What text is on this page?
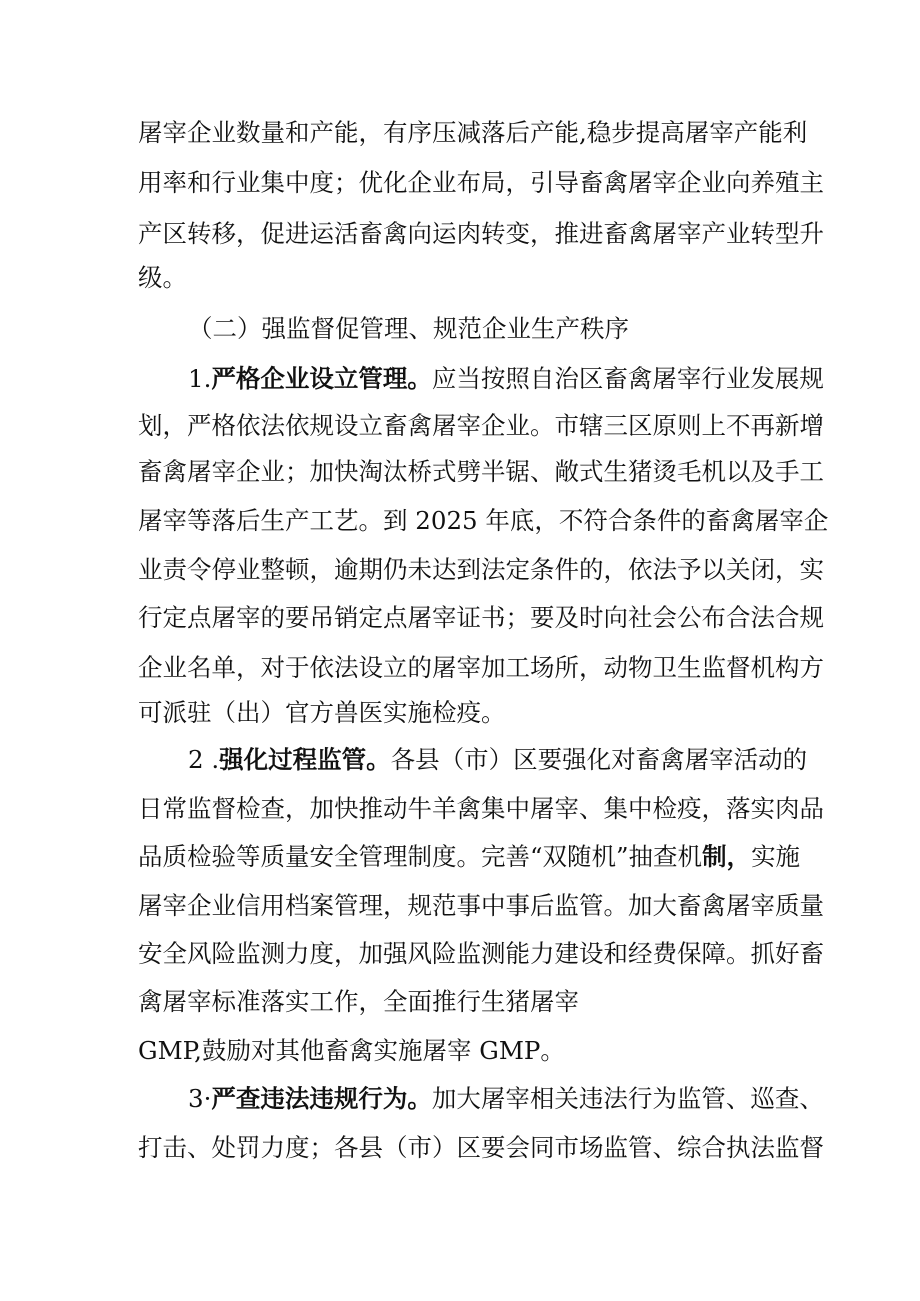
屠宰企业数量和产能，有序压减落后产能,稳步提高屠宰产能利
用率和行业集中度；优化企业布局，引导畜禽屠宰企业向养殖主
产区转移，促进运活畜禽向运肉转变，推进畜禽屠宰产业转型升
级。
（二）强监督促管理、规范企业生产秩序
1.严格企业设立管理。应当按照自治区畜禽屠宰行业发展规
划，严格依法依规设立畜禽屠宰企业。市辖三区原则上不再新增
畜禽屠宰企业；加快淘汰桥式劈半锯、敞式生猪烫毛机以及手工
屠宰等落后生产工艺。到 2025 年底，不符合条件的畜禽屠宰企
业责令停业整顿，逾期仍未达到法定条件的，依法予以关闭，实
行定点屠宰的要吊销定点屠宰证书；要及时向社会公布合法合规
企业名单，对于依法设立的屠宰加工场所，动物卫生监督机构方
可派驻（出）官方兽医实施检疫。
2 .强化过程监管。各县（市）区要强化对畜禽屠宰活动的
日常监督检查，加快推动牛羊禽集中屠宰、集中检疫，落实肉品
品质检验等质量安全管理制度。完善“双随机”抽查机制，实施
屠宰企业信用档案管理，规范事中事后监管。加大畜禽屠宰质量
安全风险监测力度，加强风险监测能力建设和经费保障。抓好畜
禽屠宰标准落实工作，全面推行生猪屠宰
GMP,鼓励对其他畜禽实施屠宰 GMP。
3·严查违法违规行为。加大屠宰相关违法行为监管、巡查、
打击、处罚力度；各县（市）区要会同市场监管、综合执法监督
